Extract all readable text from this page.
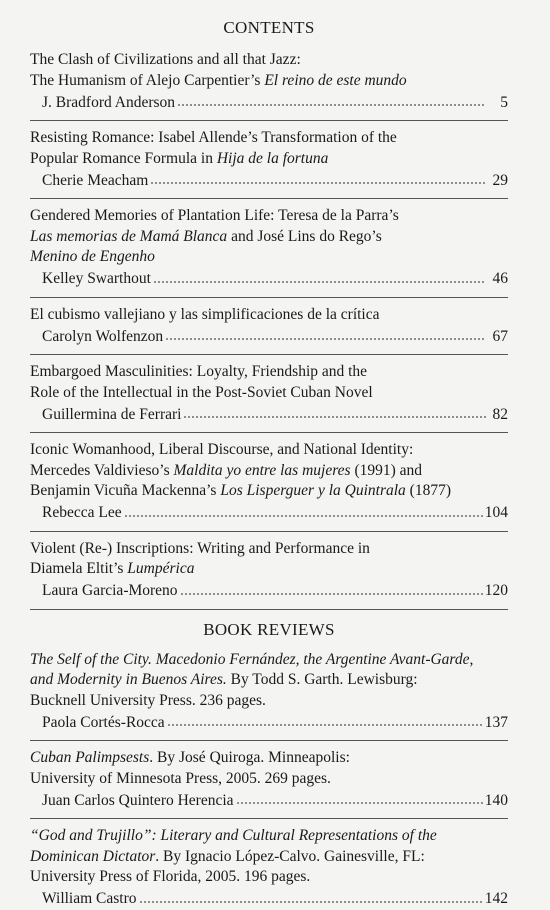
CONTENTS
The Clash of Civilizations and all that Jazz:
The Humanism of Alejo Carpentier’s El reino de este mundo
J. Bradford Anderson	5
Resisting Romance: Isabel Allende’s Transformation of the
Popular Romance Formula in Hija de la fortuna
Cherie Meacham	29
Gendered Memories of Plantation Life: Teresa de la Parra’s
Las memorias de Mamá Blanca and José Lins do Rego’s
Menino de Engenho
Kelley Swarthout	46
El cubismo vallejiano y las simplificaciones de la crítica
Carolyn Wolfenzon	67
Embargoed Masculinities: Loyalty, Friendship and the
Role of the Intellectual in the Post-Soviet Cuban Novel
Guillermina de Ferrari	82
Iconic Womanhood, Liberal Discourse, and National Identity:
Mercedes Valdivieso’s Maldita yo entre las mujeres (1991) and
Benjamin Vicuña Mackenna’s Los Lisperguer y la Quintrala (1877)
Rebecca Lee	104
Violent (Re-) Inscriptions: Writing and Performance in
Diamela Eltit’s Lumpérica
Laura Garcia-Moreno	120
BOOK REVIEWS
The Self of the City. Macedonio Fernández, the Argentine Avant-Garde,
and Modernity in Buenos Aires. By Todd S. Garth. Lewisburg:
Bucknell University Press. 236 pages.
Paola Cortés-Rocca	137
Cuban Palimpsests. By José Quiroga. Minneapolis:
University of Minnesota Press, 2005. 269 pages.
Juan Carlos Quintero Herencia	140
“God and Trujillo”: Literary and Cultural Representations of the
Dominican Dictator. By Ignacio López-Calvo. Gainesville, FL:
University Press of Florida, 2005. 196 pages.
William Castro	142
